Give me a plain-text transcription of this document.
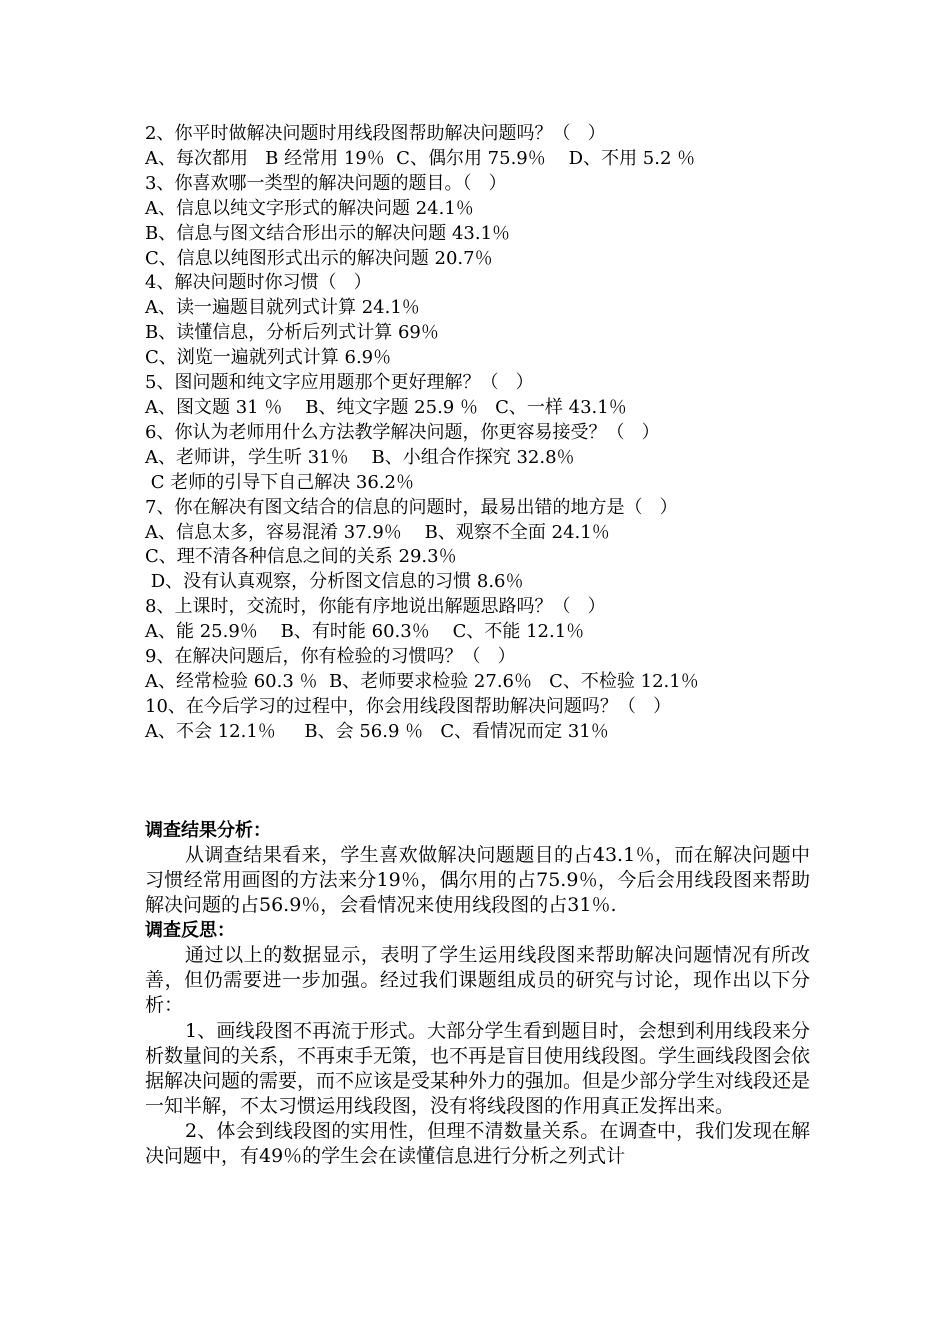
2、你平时做解决问题时用线段图帮助解决问题吗？（   ）
A、每次都用   B 经常用 19％  C、偶尔用 75.9％    D、不用 5.2 ％
3、你喜欢哪一类型的解决问题的题目。（   ）
A、信息以纯文字形式的解决问题 24.1％
B、信息与图文结合形出示的解决问题 43.1％
C、信息以纯图形式出示的解决问题 20.7％
4、解决问题时你习惯（   ）
A、读一遍题目就列式计算 24.1％
B、读懂信息，分析后列式计算 69％
C、浏览一遍就列式计算 6.9％
5、图问题和纯文字应用题那个更好理解？（   ）
A、图文题 31 ％    B、纯文字题 25.9 ％   C、一样 43.1％
6、你认为老师用什么方法教学解决问题，你更容易接受？（   ）
A、老师讲，学生听 31％    B、小组合作探究 32.8％
C 老师的引导下自己解决 36.2％
7、你在解决有图文结合的信息的问题时，最易出错的地方是（   ）
A、信息太多，容易混淆 37.9％    B、观察不全面 24.1％
C、理不清各种信息之间的关系 29.3％
D、没有认真观察，分析图文信息的习惯 8.6％
8、上课时，交流时，你能有序地说出解题思路吗？（   ）
A、能 25.9％    B、有时能 60.3％    C、不能 12.1％
9、在解决问题后，你有检验的习惯吗？（   ）
A、经常检验 60.3 ％  B、老师要求检验 27.6％   C、不检验 12.1％
10、在今后学习的过程中，你会用线段图帮助解决问题吗？（   ）
A、不会 12.1％     B、会 56.9 ％   C、看情况而定 31％
调查结果分析：

从调查结果看来，学生喜欢做解决问题题目的占43.1％，而在解决问题中习惯经常用画图的方法来分19％，偶尔用的占75.9％，今后会用线段图来帮助解决问题的占56.9％，会看情况来使用线段图的占31％.

调查反思：

通过以上的数据显示，表明了学生运用线段图来帮助解决问题情况有所改善，但仍需要进一步加强。经过我们课题组成员的研究与讨论，现作出以下分析：

1、画线段图不再流于形式。大部分学生看到题目时，会想到利用线段来分析数量间的关系，不再束手无策，也不再是盲目使用线段图。学生画线段图会依据解决问题的需要，而不应该是受某种外力的强加。但是少部分学生对线段还是一知半解，不太习惯运用线段图，没有将线段图的作用真正发挥出来。

2、体会到线段图的实用性，但理不清数量关系。在调查中，我们发现在解决问题中，有49％的学生会在读懂信息进行分析之列式计
